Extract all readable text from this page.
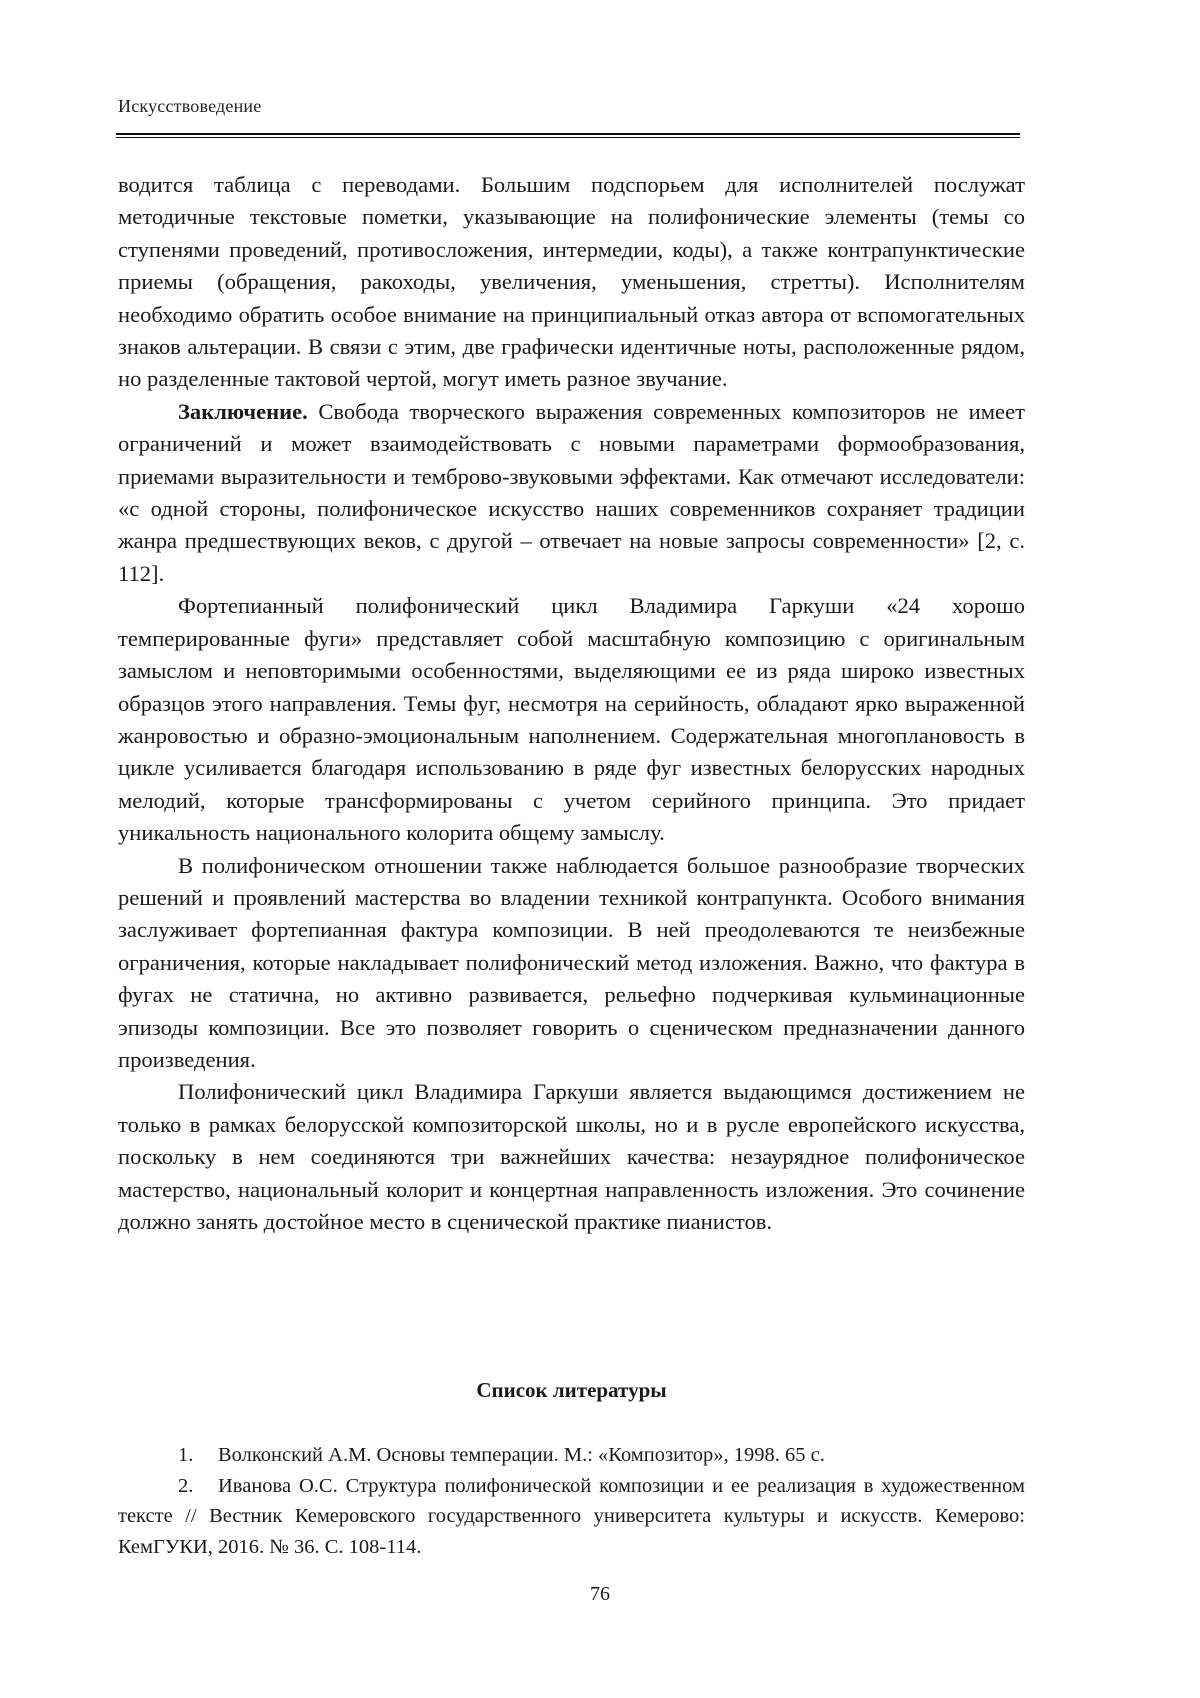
Искусствоведение

водится таблица с переводами. Большим подспорьем для исполнителей послужат методичные текстовые пометки, указывающие на полифонические элементы (темы со ступенями проведений, противосложения, интермедии, коды), а также контрапунктические приемы (обращения, ракоходы, увеличения, уменьшения, стретты). Исполнителям необходимо обратить особое внимание на принципиальный отказ автора от вспомогательных знаков альтерации. В связи с этим, две графически идентичные ноты, расположенные рядом, но разделенные тактовой чертой, могут иметь разное звучание.

Заключение. Свобода творческого выражения современных композиторов не имеет ограничений и может взаимодействовать с новыми параметрами формообразования, приемами выразительности и темброво-звуковыми эффектами. Как отмечают исследователи: «с одной стороны, полифоническое искусство наших современников сохраняет традиции жанра предшествующих веков, с другой – отвечает на новые запросы современности» [2, с. 112].

Фортепианный полифонический цикл Владимира Гаркуши «24 хорошо темперированные фуги» представляет собой масштабную композицию с оригинальным замыслом и неповторимыми особенностями, выделяющими ее из ряда широко известных образцов этого направления. Темы фуг, несмотря на серийность, обладают ярко выраженной жанровостью и образно-эмоциональным наполнением. Содержательная многоплановость в цикле усиливается благодаря использованию в ряде фуг известных белорусских народных мелодий, которые трансформированы с учетом серийного принципа. Это придает уникальность национального колорита общему замыслу.

В полифоническом отношении также наблюдается большое разнообразие творческих решений и проявлений мастерства во владении техникой контрапункта. Особого внимания заслуживает фортепианная фактура композиции. В ней преодолеваются те неизбежные ограничения, которые накладывает полифонический метод изложения. Важно, что фактура в фугах не статична, но активно развивается, рельефно подчеркивая кульминационные эпизоды композиции. Все это позволяет говорить о сценическом предназначении данного произведения.

Полифонический цикл Владимира Гаркуши является выдающимся достижением не только в рамках белорусской композиторской школы, но и в русле европейского искусства, поскольку в нем соединяются три важнейших качества: незаурядное полифоническое мастерство, национальный колорит и концертная направленность изложения. Это сочинение должно занять достойное место в сценической практике пианистов.

Список литературы
1. Волконский А.М. Основы темперации. М.: «Композитор», 1998. 65 с.
2. Иванова О.С. Структура полифонической композиции и ее реализация в художественном тексте // Вестник Кемеровского государственного университета культуры и искусств. Кемерово: КемГУКИ, 2016. № 36. С. 108-114.
76
